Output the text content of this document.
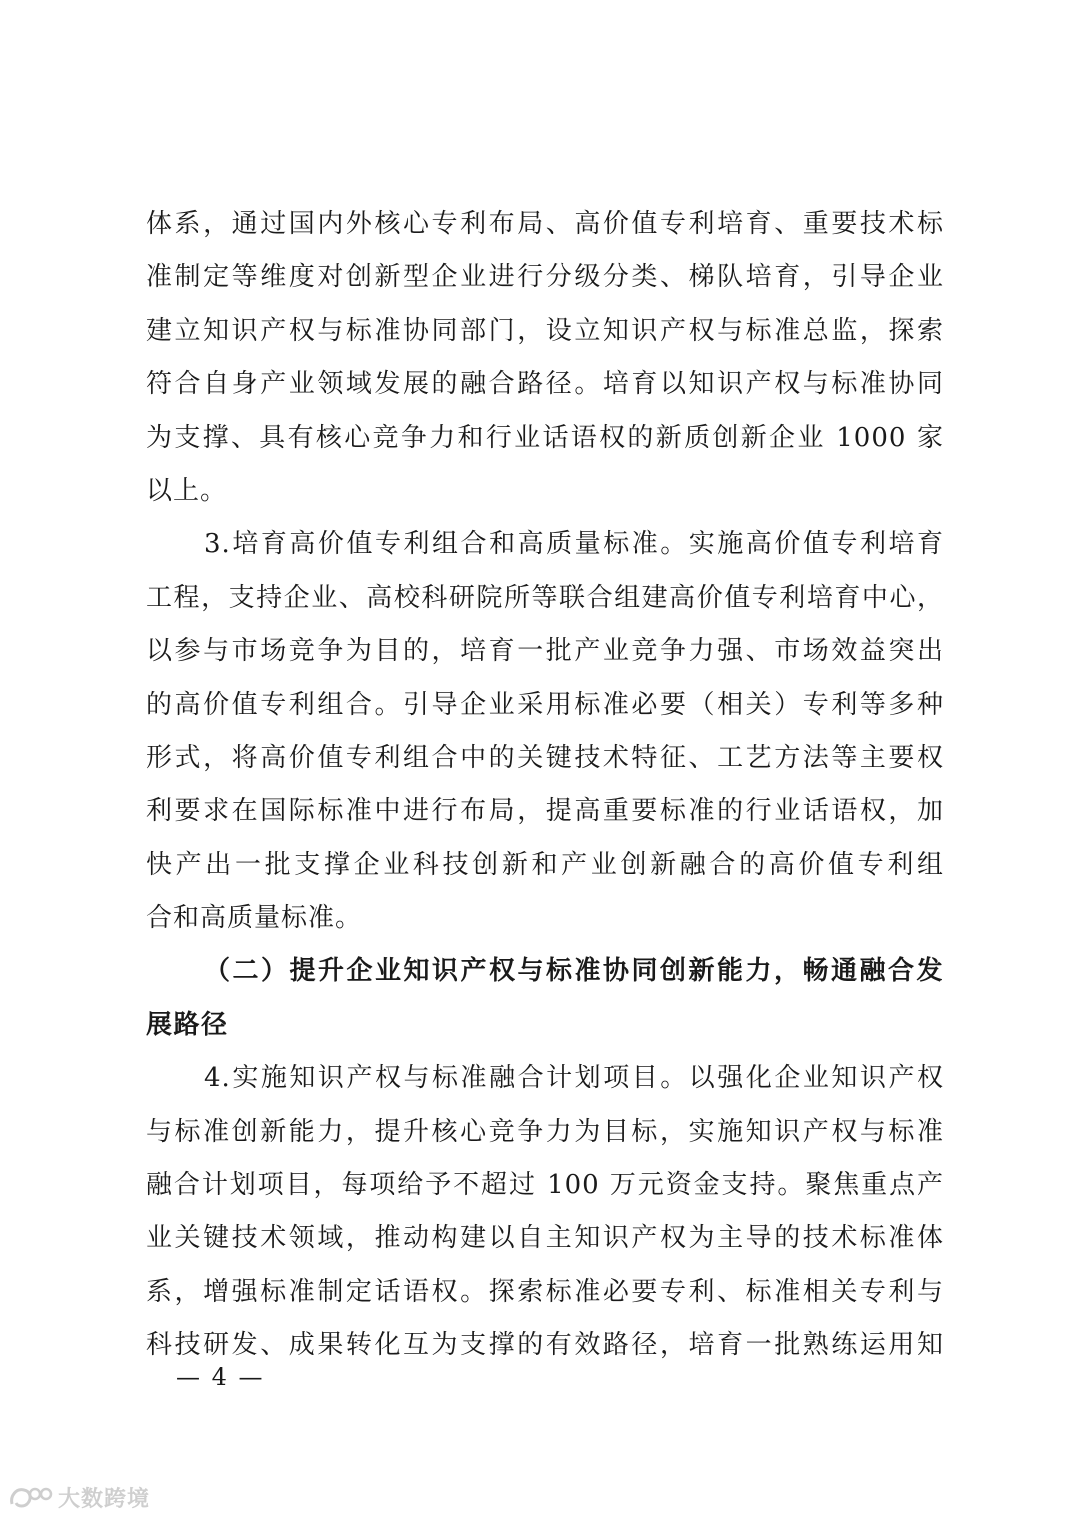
体系，通过国内外核心专利布局、高价值专利培育、重要技术标
准制定等维度对创新型企业进行分级分类、梯队培育，引导企业
建立知识产权与标准协同部门，设立知识产权与标准总监，探索
符合自身产业领域发展的融合路径。培育以知识产权与标准协同
为支撑、具有核心竞争力和行业话语权的新质创新企业 1000 家
以上。
3.培育高价值专利组合和高质量标准。实施高价值专利培育
工程，支持企业、高校科研院所等联合组建高价值专利培育中心，
以参与市场竞争为目的，培育一批产业竞争力强、市场效益突出
的高价值专利组合。引导企业采用标准必要（相关）专利等多种
形式，将高价值专利组合中的关键技术特征、工艺方法等主要权
利要求在国际标准中进行布局，提高重要标准的行业话语权，加
快产出一批支撑企业科技创新和产业创新融合的高价值专利组
合和高质量标准。
（二）提升企业知识产权与标准协同创新能力，畅通融合发
展路径
4.实施知识产权与标准融合计划项目。以强化企业知识产权
与标准创新能力，提升核心竞争力为目标，实施知识产权与标准
融合计划项目，每项给予不超过 100 万元资金支持。聚焦重点产
业关键技术领域，推动构建以自主知识产权为主导的技术标准体
系，增强标准制定话语权。探索标准必要专利、标准相关专利与
科技研发、成果转化互为支撑的有效路径，培育一批熟练运用知
— 4 —
大数跨境
